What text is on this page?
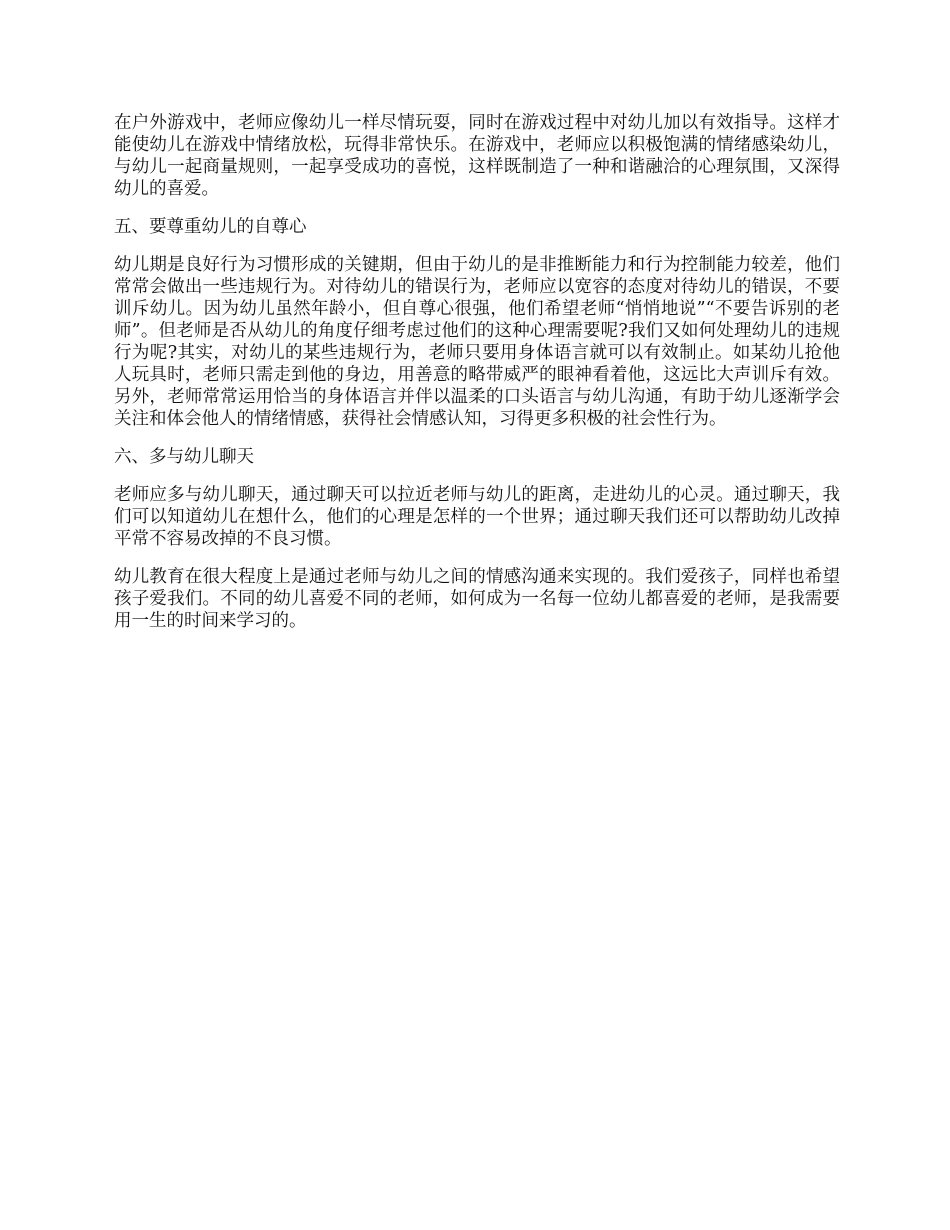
在户外游戏中，老师应像幼儿一样尽情玩耍，同时在游戏过程中对幼儿加以有效指导。这样才能使幼儿在游戏中情绪放松，玩得非常快乐。在游戏中，老师应以积极饱满的情绪感染幼儿，与幼儿一起商量规则，一起享受成功的喜悦，这样既制造了一种和谐融洽的心理氛围，又深得幼儿的喜爱。

五、要尊重幼儿的自尊心

幼儿期是良好行为习惯形成的关键期，但由于幼儿的是非推断能力和行为控制能力较差，他们常常会做出一些违规行为。对待幼儿的错误行为，老师应以宽容的态度对待幼儿的错误，不要训斥幼儿。因为幼儿虽然年龄小，但自尊心很强，他们希望老师“悄悄地说”“不要告诉别的老师”。但老师是否从幼儿的角度仔细考虑过他们的这种心理需要呢?我们又如何处理幼儿的违规行为呢?其实，对幼儿的某些违规行为，老师只要用身体语言就可以有效制止。如某幼儿抢他人玩具时，老师只需走到他的身边，用善意的略带威严的眼神看着他，这远比大声训斥有效。另外，老师常常运用恰当的身体语言并伴以温柔的口头语言与幼儿沟通，有助于幼儿逐渐学会关注和体会他人的情绪情感，获得社会情感认知，习得更多积极的社会性行为。

六、多与幼儿聊天

老师应多与幼儿聊天，通过聊天可以拉近老师与幼儿的距离，走进幼儿的心灵。通过聊天，我们可以知道幼儿在想什么，他们的心理是怎样的一个世界；通过聊天我们还可以帮助幼儿改掉平常不容易改掉的不良习惯。

幼儿教育在很大程度上是通过老师与幼儿之间的情感沟通来实现的。我们爱孩子，同样也希望孩子爱我们。不同的幼儿喜爱不同的老师，如何成为一名每一位幼儿都喜爱的老师，是我需要用一生的时间来学习的。
